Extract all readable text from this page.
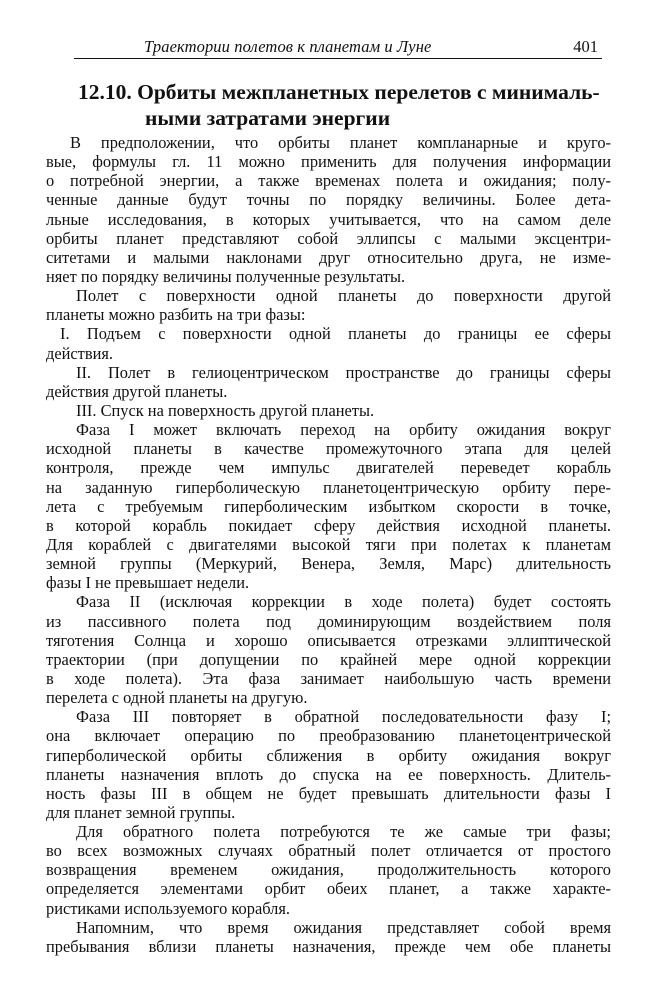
Траектории полетов к планетам и Луне	401
12.10. Орбиты межпланетных перелетов с минималь-
ными затратами энергии
В предположении, что орбиты планет компланарные и круго-
вые, формулы гл. 11 можно применить для получения информации
о потребной энергии, а также временах полета и ожидания; полу-
ченные данные будут точны по порядку величины. Более дета-
льные исследования, в которых учитывается, что на самом деле
орбиты планет представляют собой эллипсы с малыми эксцентри-
ситетами и малыми наклонами друг относительно друга, не изме-
няет по порядку величины полученные результаты.
Полет с поверхности одной планеты до поверхности другой
планеты можно разбить на три фазы:
I. Подъем с поверхности одной планеты до границы ее сферы
действия.
II. Полет в гелиоцентрическом пространстве до границы сферы
действия другой планеты.
III. Спуск на поверхность другой планеты.
Фаза I может включать переход на орбиту ожидания вокруг
исходной планеты в качестве промежуточного этапа для целей
контроля, прежде чем импульс двигателей переведет корабль
на заданную гиперболическую планетоцентрическую орбиту пере-
лета с требуемым гиперболическим избытком скорости в точке,
в которой корабль покидает сферу действия исходной планеты.
Для кораблей с двигателями высокой тяги при полетах к планетам
земной группы (Меркурий, Венера, Земля, Марс) длительность
фазы I не превышает недели.
Фаза II (исключая коррекции в ходе полета) будет состоять
из пассивного полета под доминирующим воздействием поля
тяготения Солнца и хорошо описывается отрезками эллиптической
траектории (при допущении по крайней мере одной коррекции
в ходе полета). Эта фаза занимает наибольшую часть времени
перелета с одной планеты на другую.
Фаза III повторяет в обратной последовательности фазу I;
она включает операцию по преобразованию планетоцентрической
гиперболической орбиты сближения в орбиту ожидания вокруг
планеты назначения вплоть до спуска на ее поверхность. Длитель-
ность фазы III в общем не будет превышать длительности фазы I
для планет земной группы.
Для обратного полета потребуются те же самые три фазы;
во всех возможных случаях обратный полет отличается от простого
возвращения временем ожидания, продолжительность которого
определяется элементами орбит обеих планет, а также характе-
ристиками используемого корабля.
Напомним, что время ожидания представляет собой время
пребывания вблизи планеты назначения, прежде чем обе планеты
